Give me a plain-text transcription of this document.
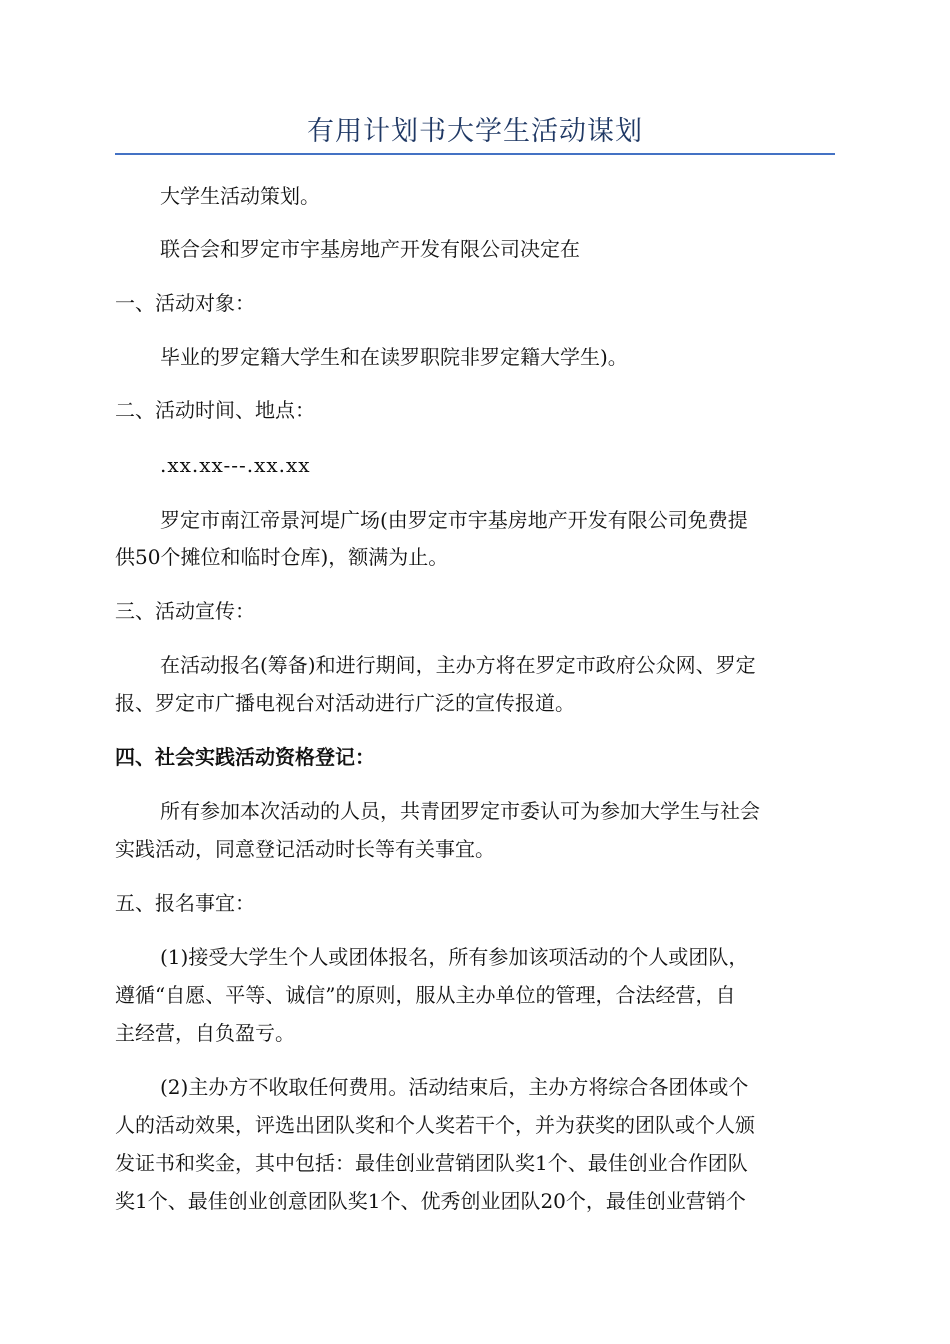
有用计划书大学生活动谋划

大学生活动策划。

联合会和罗定市宇基房地产开发有限公司决定在

一、活动对象：

毕业的罗定籍大学生和在读罗职院非罗定籍大学生)。

二、活动时间、地点：

.xx.xx---.xx.xx

罗定市南江帝景河堤广场(由罗定市宇基房地产开发有限公司免费提

供50个摊位和临时仓库)，额满为止。

三、活动宣传：

在活动报名(筹备)和进行期间，主办方将在罗定市政府公众网、罗定

报、罗定市广播电视台对活动进行广泛的宣传报道。

四、社会实践活动资格登记：

所有参加本次活动的人员，共青团罗定市委认可为参加大学生与社会

实践活动，同意登记活动时长等有关事宜。

五、报名事宜：

(1)接受大学生个人或团体报名，所有参加该项活动的个人或团队，

遵循“自愿、平等、诚信”的原则，服从主办单位的管理，合法经营，自

主经营，自负盈亏。

(2)主办方不收取任何费用。活动结束后，主办方将综合各团体或个

人的活动效果，评选出团队奖和个人奖若干个，并为获奖的团队或个人颁

发证书和奖金，其中包括：最佳创业营销团队奖1个、最佳创业合作团队

奖1个、最佳创业创意团队奖1个、优秀创业团队20个，最佳创业营销个
